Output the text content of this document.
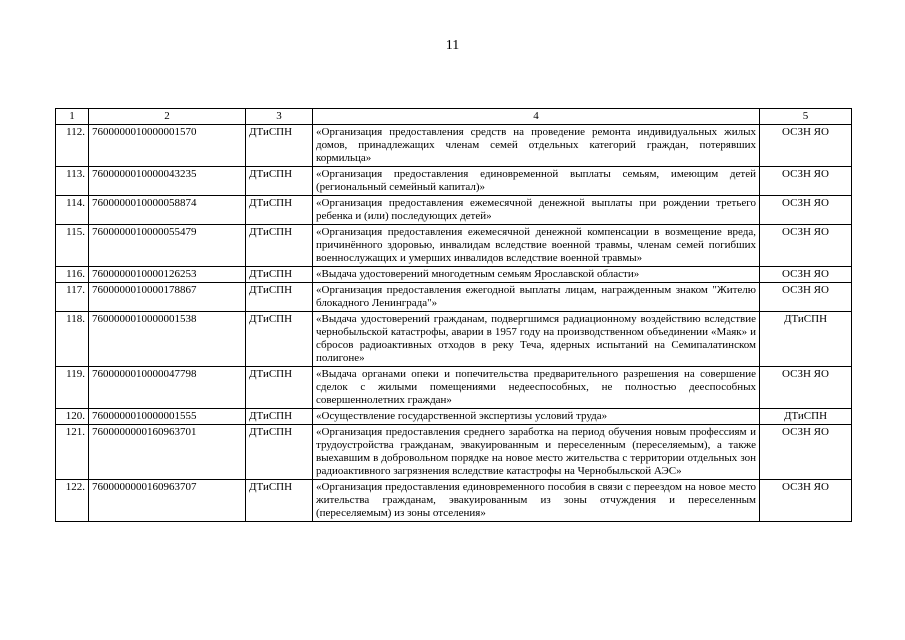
11
1	2	3	4	5
112.	7600000010000001570	ДТиСПН	«Организация предоставления средств на проведение ремонта индивидуальных жилых домов, принадлежащих членам семей отдельных категорий граждан, потерявших кормильца»	ОСЗН ЯО
113.	7600000010000043235	ДТиСПН	«Организация предоставления единовременной выплаты семьям, имеющим детей (региональный семейный капитал)»	ОСЗН ЯО
114.	7600000010000058874	ДТиСПН	«Организация предоставления ежемесячной денежной выплаты при рождении третьего ребенка и (или) последующих детей»	ОСЗН ЯО
115.	7600000010000055479	ДТиСПН	«Организация предоставления ежемесячной денежной компенсации в возмещение вреда, причинённого здоровью, инвалидам вследствие военной травмы, членам семей погибших военнослужащих и умерших инвалидов вследствие военной травмы»	ОСЗН ЯО
116.	7600000010000126253	ДТиСПН	«Выдача удостоверений многодетным семьям Ярославской области»	ОСЗН ЯО
117.	7600000010000178867	ДТиСПН	«Организация предоставления ежегодной выплаты лицам, награжденным знаком "Жителю блокадного Ленинграда"»	ОСЗН ЯО
118.	7600000010000001538	ДТиСПН	«Выдача удостоверений гражданам, подвергшимся радиационному воздействию вследствие чернобыльской катастрофы, аварии в 1957 году на производственном объединении «Маяк» и сбросов радиоактивных отходов в реку Теча, ядерных испытаний на Семипалатинском полигоне»	ДТиСПН
119.	7600000010000047798	ДТиСПН	«Выдача органами опеки и попечительства предварительного разрешения на совершение сделок с жилыми помещениями недееспособных, не полностью дееспособных совершеннолетних граждан»	ОСЗН ЯО
120.	7600000010000001555	ДТиСПН	«Осуществление государственной экспертизы условий труда»	ДТиСПН
121.	7600000000160963701	ДТиСПН	«Организация предоставления среднего заработка на период обучения новым профессиям и трудоустройства гражданам, эвакуированным и переселенным (переселяемым), а также выехавшим в добровольном порядке на новое место жительства с территории отдельных зон радиоактивного загрязнения вследствие катастрофы на Чернобыльской АЭС»	ОСЗН ЯО
122.	7600000000160963707	ДТиСПН	«Организация предоставления единовременного пособия в связи с переездом на новое место жительства гражданам, эвакуированным из зоны отчуждения и переселенным (переселяемым) из зоны отселения»	ОСЗН ЯО
